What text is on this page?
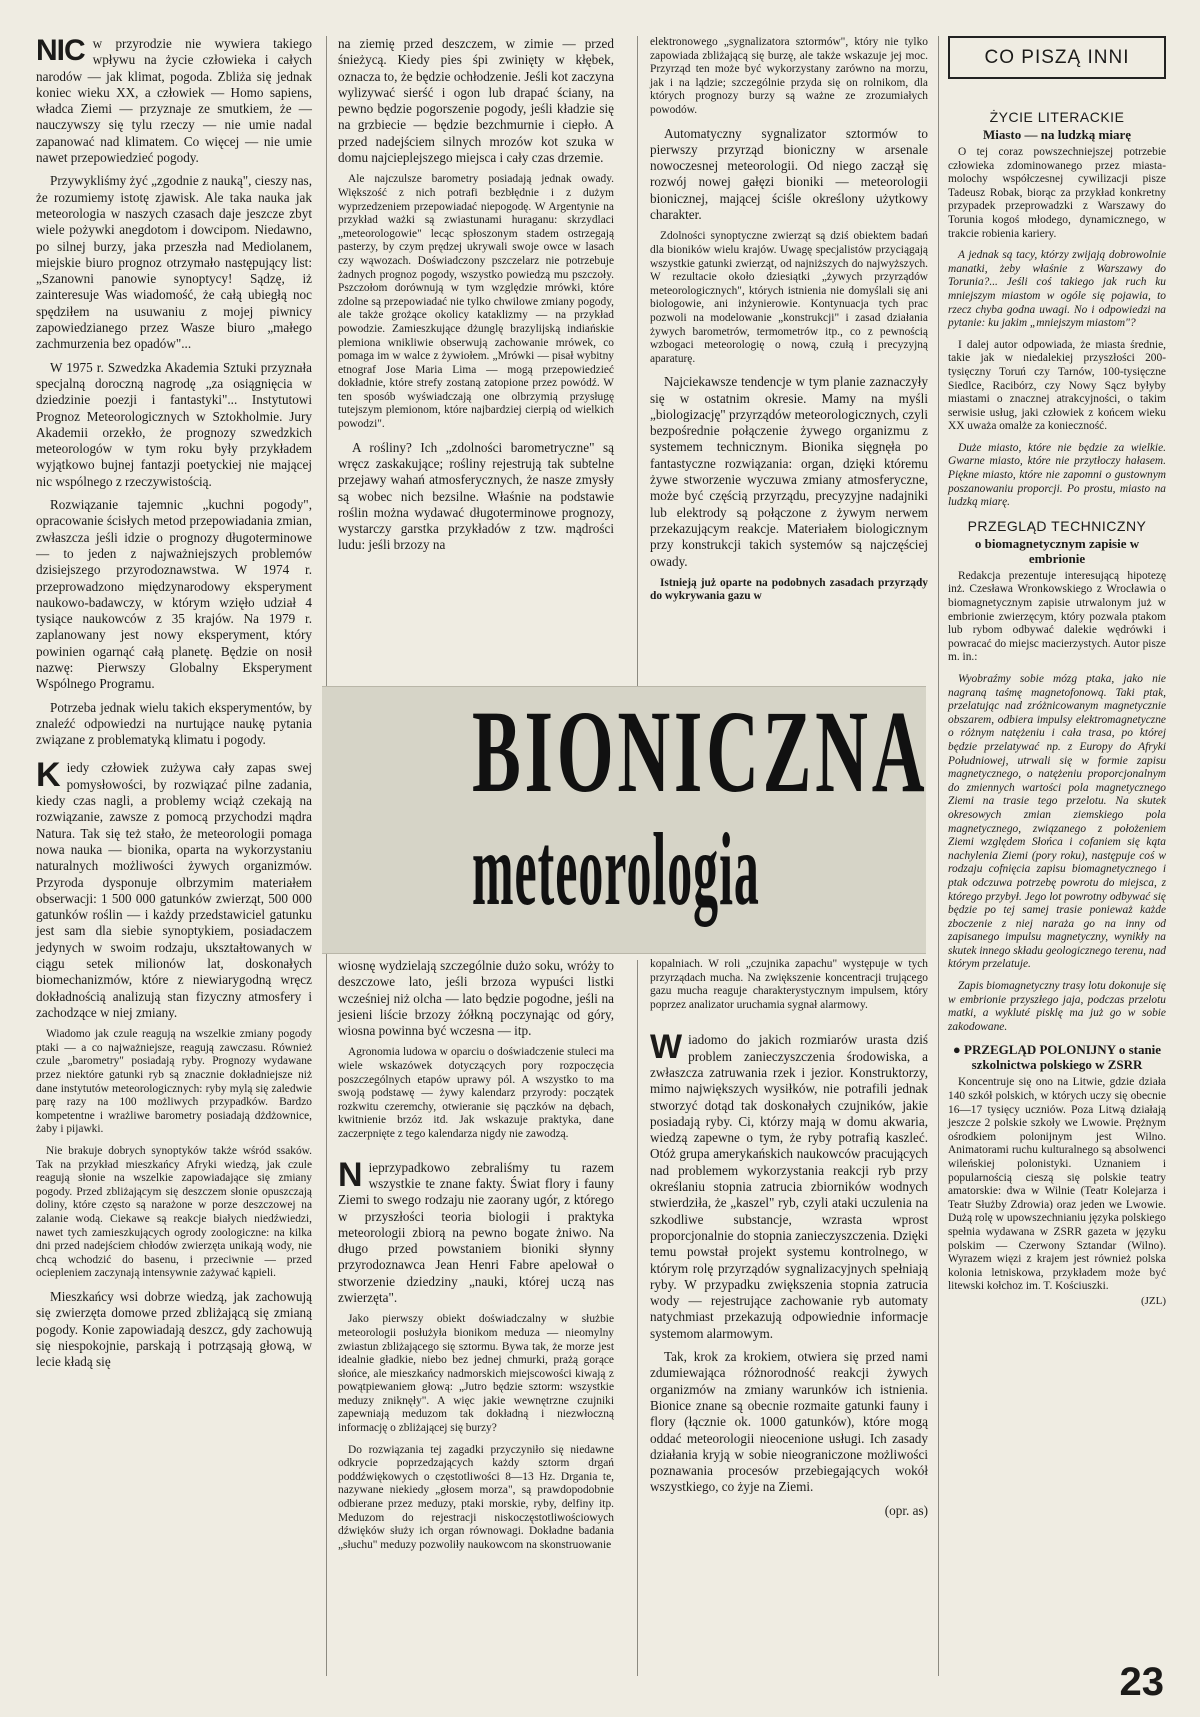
NIC w przyrodzie nie wywiera takiego wpływu na życie człowieka i całych narodów — jak klimat, pogoda. Zbliża się jednak koniec wieku XX, a człowiek — Homo sapiens, władca Ziemi — przyznaje ze smutkiem, że — nauczywszy się tylu rzeczy — nie umie nadal zapanować nad klimatem. Co więcej — nie umie nawet przepowiedzieć pogody.

Przywykliśmy żyć „zgodnie z nauką", cieszy nas, że rozumiemy istotę zjawisk. Ale taka nauka jak meteorologia w naszych czasach daje jeszcze zbyt wiele pożywki anegdotom i dowcipom. Niedawno, po silnej burzy, jaka przeszła nad Mediolanem, miejskie biuro prognoz otrzymało następujący list: „Szanowni panowie synoptycy! Sądzę, iż zainteresuje Was wiadomość, że całą ubiegłą noc spędziłem na usuwaniu z mojej piwnicy zapowiedzianego przez Wasze biuro „małego zachmurzenia bez opadów"...

W 1975 r. Szwedzka Akademia Sztuki przyznała specjalną doroczną nagrodę „za osiągnięcia w dziedzinie poezji i fantastyki"... Instytutowi Prognoz Meteorologicznych w Sztokholmie. Jury Akademii orzekło, że prognozy szwedzkich meteorologów w tym roku były przykładem wyjątkowo bujnej fantazji poetyckiej nie mającej nic wspólnego z rzeczywistością.

Rozwiązanie tajemnic „kuchni pogody", opracowanie ścisłych metod przepowiadania zmian, zwłaszcza jeśli idzie o prognozy długoterminowe — to jeden z najważniejszych problemów dzisiejszego przyrodoznawstwa. W 1974 r. przeprowadzono międzynarodowy eksperyment naukowo-badawczy, w którym wzięło udział 4 tysiące naukowców z 35 krajów. Na 1979 r. zaplanowany jest nowy eksperyment, który powinien ogarnąć całą planetę. Będzie on nosił nazwę: Pierwszy Globalny Eksperyment Wspólnego Programu.

Potrzeba jednak wielu takich eksperymentów, by znaleźć odpowiedzi na nurtujące naukę pytania związane z problematyką klimatu i pogody.

Kiedy człowiek zużywa cały zapas swej pomysłowości, by rozwiązać pilne zadania, kiedy czas nagli, a problemy wciąż czekają na rozwiązanie, zawsze z pomocą przychodzi mądra Natura. Tak się też stało, że meteorologii pomaga nowa nauka — bionika, oparta na wykorzystaniu naturalnych możliwości żywych organizmów. Przyroda dysponuje olbrzymim materiałem obserwacji: 1 500 000 gatunków zwierząt, 500 000 gatunków roślin — i każdy przedstawiciel gatunku jest sam dla siebie synoptykiem, posiadaczem jedynych w swoim rodzaju, ukształtowanych w ciągu setek milionów lat, doskonałych biomechanizmów, które z niewiarygodną wręcz dokładnością analizują stan fizyczny atmosfery i zachodzące w niej zmiany.

Wiadomo jak czule reagują na wszelkie zmiany pogody ptaki — a co najważniejsze, reagują zawczasu. Również czule „barometry" posiadają ryby. Prognozy wydawane przez niektóre gatunki ryb są znacznie dokładniejsze niż dane instytutów meteorologicznych: ryby mylą się zaledwie parę razy na 100 możliwych przypadków. Bardzo kompetentne i wrażliwe barometry posiadają dżdżownice, żaby i pijawki.

Nie brakuje dobrych synoptyków także wśród ssaków. Tak na przykład mieszkańcy Afryki wiedzą, jak czule reagują słonie na wszelkie zapowiadające się zmiany pogody. Przed zbliżającym się deszczem słonie opuszczają doliny, które często są narażone w porze deszczowej na zalanie wodą. Ciekawe są reakcje białych niedźwiedzi, nawet tych zamieszkujących ogrody zoologiczne: na kilka dni przed nadejściem chłodów zwierzęta unikają wody, nie chcą wchodzić do basenu, i przeciwnie — przed ociepleniem zaczynają intensywnie zażywać kąpieli.

Mieszkańcy wsi dobrze wiedzą, jak zachowują się zwierzęta domowe przed zbliżającą się zmianą pogody. Konie zapowiadają deszcz, gdy zachowują się niespokojnie, parskają i potrząsają głową, w lecie kładą się

na ziemię przed deszczem, w zimie — przed śnieżycą. Kiedy pies śpi zwinięty w kłębek, oznacza to, że będzie ochłodzenie. Jeśli kot zaczyna wylizywać sierść i ogon lub drapać ściany, na pewno będzie pogorszenie pogody, jeśli kładzie się na grzbiecie — będzie bezchmurnie i ciepło. A przed nadejściem silnych mrozów kot szuka w domu najcieplejszego miejsca i cały czas drzemie.

Ale najczulsze barometry posiadają jednak owady. Większość z nich potrafi bezbłędnie i z dużym wyprzedzeniem przepowiadać niepogodę. W Argentynie na przykład ważki są zwiastunami huraganu: skrzydlaci „meteorologowie" lecąc spłoszonym stadem ostrzegają pasterzy, by czym prędzej ukrywali swoje owce w lasach czy wąwozach. Doświadczony pszczelarz nie potrzebuje żadnych prognoz pogody, wszystko powiedzą mu pszczoły. Pszczołom dorównują w tym względzie mrówki, które zdolne są przepowiadać nie tylko chwilowe zmiany pogody, ale także grożące okolicy kataklizmy — na przykład powodzie. Zamieszkujące dżunglę brazylijską indiańskie plemiona wnikliwie obserwują zachowanie mrówek, co pomaga im w walce z żywiołem. „Mrówki — pisał wybitny etnograf Jose Maria Lima — mogą przepowiedzieć dokładnie, które strefy zostaną zatopione przez powódź. W ten sposób wyświadczają one olbrzymią przysługę tutejszym plemionom, które najbardziej cierpią od wielkich powodzi".

A rośliny? Ich „zdolności barometryczne" są wręcz zaskakujące; rośliny rejestrują tak subtelne przejawy wahań atmosferycznych, że nasze zmysły są wobec nich bezsilne. Właśnie na podstawie roślin można wydawać długoterminowe prognozy, wystarczy garstka przykładów z tzw. mądrości ludu: jeśli brzozy na

elektronowego „sygnalizatora sztormów", który nie tylko zapowiada zbliżającą się burzę, ale także wskazuje jej moc. Przyrząd ten może być wykorzystany zarówno na morzu, jak i na lądzie; szczególnie przyda się on rolnikom, dla których prognozy burzy są ważne ze zrozumiałych powodów.

Automatyczny sygnalizator sztormów to pierwszy przyrząd bioniczny w arsenale nowoczesnej meteorologii. Od niego zaczął się rozwój nowej gałęzi bioniki — meteorologii bionicznej, mającej ściśle określony użytkowy charakter.

Zdolności synoptyczne zwierząt są dziś obiektem badań dla bioników wielu krajów. Uwagę specjalistów przyciągają wszystkie gatunki zwierząt, od najniższych do najwyższych. W rezultacie około dziesiątki „żywych przyrządów meteorologicznych", których istnienia nie domyślali się ani biologowie, ani inżynierowie. Kontynuacja tych prac pozwoli na modelowanie „konstrukcji" i zasad działania żywych barometrów, termometrów itp., co z pewnością wzbogaci meteorologię o nową, czułą i precyzyjną aparaturę.

Najciekawsze tendencje w tym planie zaznaczyły się w ostatnim okresie. Mamy na myśli „biologizację" przyrządów meteorologicznych, czyli bezpośrednie połączenie żywego organizmu z systemem technicznym. Bionika sięgnęła po fantastyczne rozwiązania: organ, dzięki któremu żywe stworzenie wyczuwa zmiany atmosferyczne, może być częścią przyrządu, precyzyjne nadajniki lub elektrody są połączone z żywym nerwem przekazującym reakcje. Materiałem biologicznym przy konstrukcji takich systemów są najczęściej owady.

Istnieją już oparte na podobnych zasadach przyrządy do wykrywania gazu w

BIONICZNA
meteorologia

wiosnę wydzielają szczególnie dużo soku, wróży to deszczowe lato, jeśli brzoza wypuści listki wcześniej niż olcha — lato będzie pogodne, jeśli na jesieni liście brzozy żółkną poczynając od góry, wiosna powinna być wczesna — itp.

Agronomia ludowa w oparciu o doświadczenie stuleci ma wiele wskazówek dotyczących pory rozpoczęcia poszczególnych etapów uprawy pól. A wszystko to ma swoją podstawę — żywy kalendarz przyrody: początek rozkwitu czeremchy, otwieranie się pączków na dębach, kwitnienie brzóz itd. Jak wskazuje praktyka, dane zaczerpnięte z tego kalendarza nigdy nie zawodzą.

Nieprzypadkowo zebraliśmy tu razem wszystkie te znane fakty. Świat flory i fauny Ziemi to swego rodzaju nie zaorany ugór, z którego w przyszłości teoria biologii i praktyka meteorologii zbiorą na pewno bogate żniwo. Na długo przed powstaniem bioniki słynny przyrodoznawca Jean Henri Fabre apelował o stworzenie dziedziny „nauki, której uczą nas zwierzęta".

Jako pierwszy obiekt doświadczalny w służbie meteorologii posłużyła bionikom meduza — nieomylny zwiastun zbliżającego się sztormu. Bywa tak, że morze jest idealnie gładkie, niebo bez jednej chmurki, prażą gorące słońce, ale mieszkańcy nadmorskich miejscowości kiwają z powątpiewaniem głową: „Jutro będzie sztorm: wszystkie meduzy zniknęły". A więc jakie wewnętrzne czujniki zapewniają meduzom tak dokładną i niezwłoczną informację o zbliżającej się burzy?

Do rozwiązania tej zagadki przyczyniło się niedawne odkrycie poprzedzających każdy sztorm drgań poddźwiękowych o częstotliwości 8—13 Hz. Drgania te, nazywane niekiedy „głosem morza", są prawdopodobnie odbierane przez meduzy, ptaki morskie, ryby, delfiny itp. Meduzom do rejestracji niskoczęstotliwościowych dźwięków służy ich organ równowagi. Dokładne badania „słuchu" meduzy pozwoliły naukowcom na skonstruowanie

kopalniach. W roli „czujnika zapachu" występuje w tych przyrządach mucha. Na zwiększenie koncentracji trującego gazu mucha reaguje charakterystycznym impulsem, który poprzez analizator uruchamia sygnał alarmowy.

Wiadomo do jakich rozmiarów urasta dziś problem zanieczyszczenia środowiska, a zwłaszcza zatruwania rzek i jezior. Konstruktorzy, mimo największych wysiłków, nie potrafili jednak stworzyć dotąd tak doskonałych czujników, jakie posiadają ryby. Ci, którzy mają w domu akwaria, wiedzą zapewne o tym, że ryby potrafią kaszleć. Otóż grupa amerykańskich naukowców pracujących nad problemem wykorzystania reakcji ryb przy określaniu stopnia zatrucia zbiorników wodnych stwierdziła, że „kaszel" ryb, czyli ataki uczulenia na szkodliwe substancje, wzrasta wprost proporcjonalnie do stopnia zanieczyszczenia. Dzięki temu powstał projekt systemu kontrolnego, w którym rolę przyrządów sygnalizacyjnych spełniają ryby. W przypadku zwiększenia stopnia zatrucia wody — rejestrujące zachowanie ryb automaty natychmiast przekazują odpowiednie informacje systemom alarmowym.

Tak, krok za krokiem, otwiera się przed nami zdumiewająca różnorodność reakcji żywych organizmów na zmiany warunków ich istnienia. Bionice znane są obecnie rozmaite gatunki fauny i flory (łącznie ok. 1000 gatunków), które mogą oddać meteorologii nieocenione usługi. Ich zasady działania kryją w sobie nieograniczone możliwości poznawania procesów przebiegających wokół wszystkiego, co żyje na Ziemi.

(opr. as)
CO PISZĄ INNI
ŻYCIE LITERACKIE
Miasto — na ludzką miarę

O tej coraz powszechniejszej potrzebie człowieka zdominowanego przez miasta-molochy współczesnej cywilizacji pisze Tadeusz Robak, biorąc za przykład konkretny przypadek przeprowadzki z Warszawy do Torunia kogoś młodego, dynamicznego, w trakcie robienia kariery.

A jednak są tacy, którzy zwijają dobrowolnie manatki, żeby właśnie z Warszawy do Torunia?... Jeśli coś takiego jak ruch ku mniejszym miastom w ogóle się pojawia, to rzecz chyba godna uwagi. No i odpowiedzi na pytanie: ku jakim „mniejszym miastom"?

I dalej autor odpowiada, że miasta średnie, takie jak w niedalekiej przyszłości 200-tysięczny Toruń czy Tarnów, 100-tysięczne Siedlce, Racibórz, czy Nowy Sącz byłyby miastami o znacznej atrakcyjności, o takim serwisie usług, jaki człowiek z końcem wieku XX uważa omalże za konieczność.

Duże miasto, które nie będzie za wielkie. Gwarne miasto, które nie przytłoczy hałasem. Piękne miasto, które nie zapomni o gustownym poszanowaniu proporcji. Po prostu, miasto na ludzką miarę.

PRZEGLĄD TECHNICZNY
o biomagnetycznym zapisie w embrionie

Redakcja prezentuje interesującą hipotezę inż. Czesława Wronkowskiego z Wrocławia o biomagnetycznym zapisie utrwalonym już w embrionie zwierzęcym, który pozwala ptakom lub rybom odbywać dalekie wędrówki i powracać do miejsc macierzystych. Autor pisze m. in.:

Wyobraźmy sobie mózg ptaka, jako nie nagraną taśmę magnetofonową. Taki ptak, przelatując nad zróżnicowanym magnetycznie obszarem, odbiera impulsy elektromagnetyczne o różnym natężeniu i cała trasa, po której będzie przelatywać np. z Europy do Afryki Południowej, utrwali się w formie zapisu magnetycznego, o natężeniu proporcjonalnym do zmiennych wartości pola magnetycznego Ziemi na trasie tego przelotu. Na skutek okresowych zmian ziemskiego pola magnetycznego, związanego z położeniem Ziemi względem Słońca i cofaniem się kąta nachylenia Ziemi (pory roku), następuje coś w rodzaju cofnięcia zapisu biomagnetycznego i ptak odczuwa potrzebę powrotu do miejsca, z którego przybył. Jego lot powrotny odbywać się będzie po tej samej trasie ponieważ każde zboczenie z niej naraża go na inny od zapisanego impulsu magnetyczny, wynikły na skutek innego składu geologicznego terenu, nad którym przelatuje.

Zapis biomagnetyczny trasy lotu dokonuje się w embrionie przyszłego jaja, podczas przelotu matki, a wykluté pisklę ma już go w sobie zakodowane.

● PRZEGLĄD POLONIJNY o stanie szkolnictwa polskiego w ZSRR

Koncentruje się ono na Litwie, gdzie działa 140 szkół polskich, w których uczy się obecnie 16—17 tysięcy uczniów. Poza Litwą działają jeszcze 2 polskie szkoły we Lwowie. Prężnym ośrodkiem polonijnym jest Wilno. Animatorami ruchu kulturalnego są absolwenci wileńskiej polonistyki. Uznaniem i popularnością cieszą się polskie teatry amatorskie: dwa w Wilnie (Teatr Kolejarza i Teatr Służby Zdrowia) oraz jeden we Lwowie. Dużą rolę w upowszechnianiu języka polskiego spełnia wydawana w ZSRR gazeta w języku polskim — Czerwony Sztandar (Wilno). Wyrazem więzi z krajem jest również polska kolonia letniskowa, przykładem może być litewski kołchoz im. T. Kościuszki.

(JZL)
23
